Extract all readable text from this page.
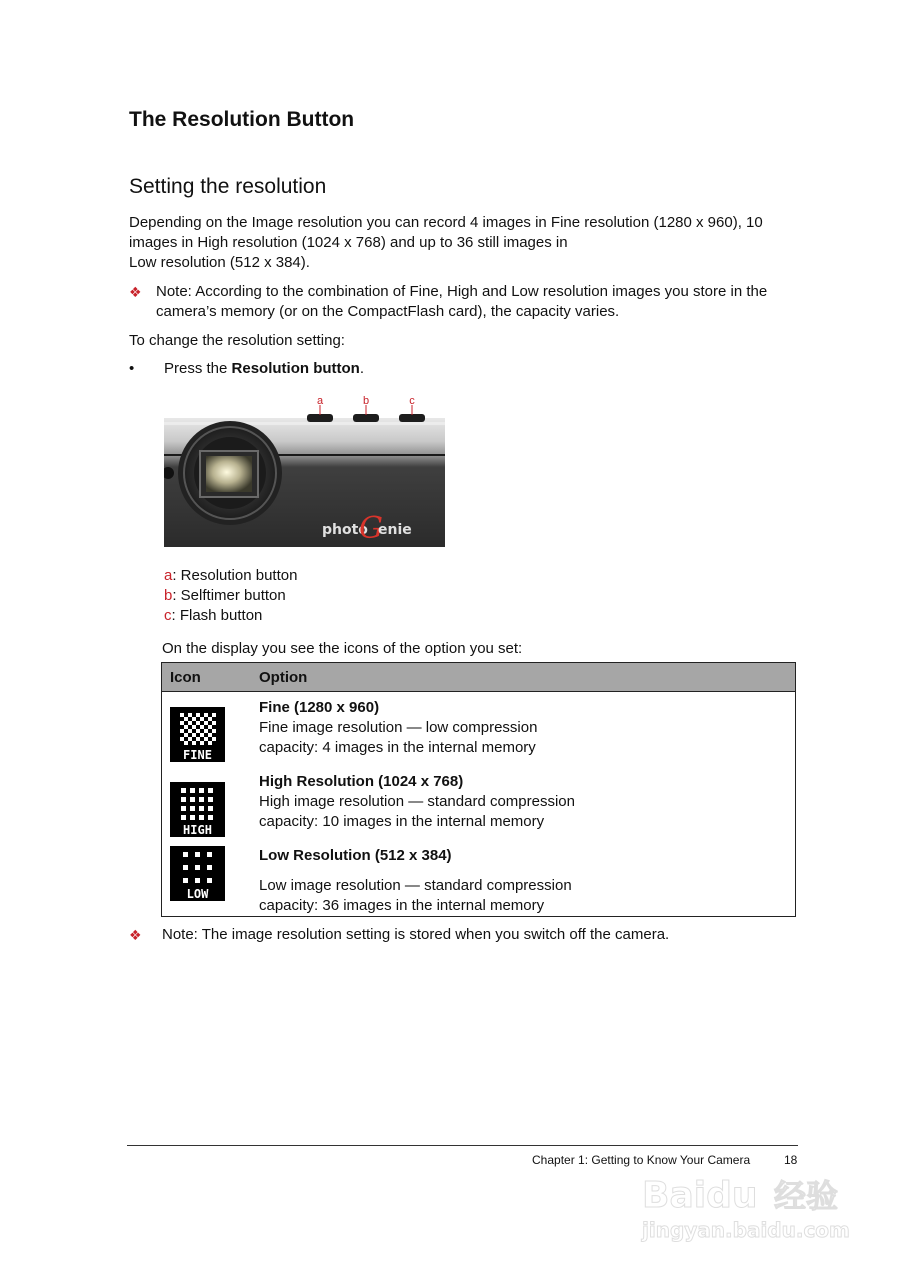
The Resolution Button
Setting the resolution
Depending on the Image resolution you can record 4 images in Fine resolution (1280 x 960), 10
images in High resolution (1024 x 768) and up to 36 still images in
Low resolution (512 x 384).
❖ Note: According to the combination of Fine, High and Low resolution images you store in the
camera’s memory (or on the CompactFlash card), the capacity varies.
To change the resolution setting:
• Press the Resolution button.
a	b	c
photo
G
enie
a: Resolution button
b: Selftimer button
c: Flash button
On the display you see the icons of the option you set:
Icon	Option
FINE
Fine (1280 x 960)
Fine image resolution — low compression
capacity: 4 images in the internal memory
HIGH
High Resolution (1024 x 768)
High image resolution — standard compression
capacity: 10 images in the internal memory
LOW
Low Resolution (512 x 384)
Low image resolution — standard compression
capacity: 36 images in the internal memory
❖ Note: The image resolution setting is stored when you switch off the camera.
Chapter 1: Getting to Know Your Camera	18
Baidu 经验
jingyan.baidu.com
